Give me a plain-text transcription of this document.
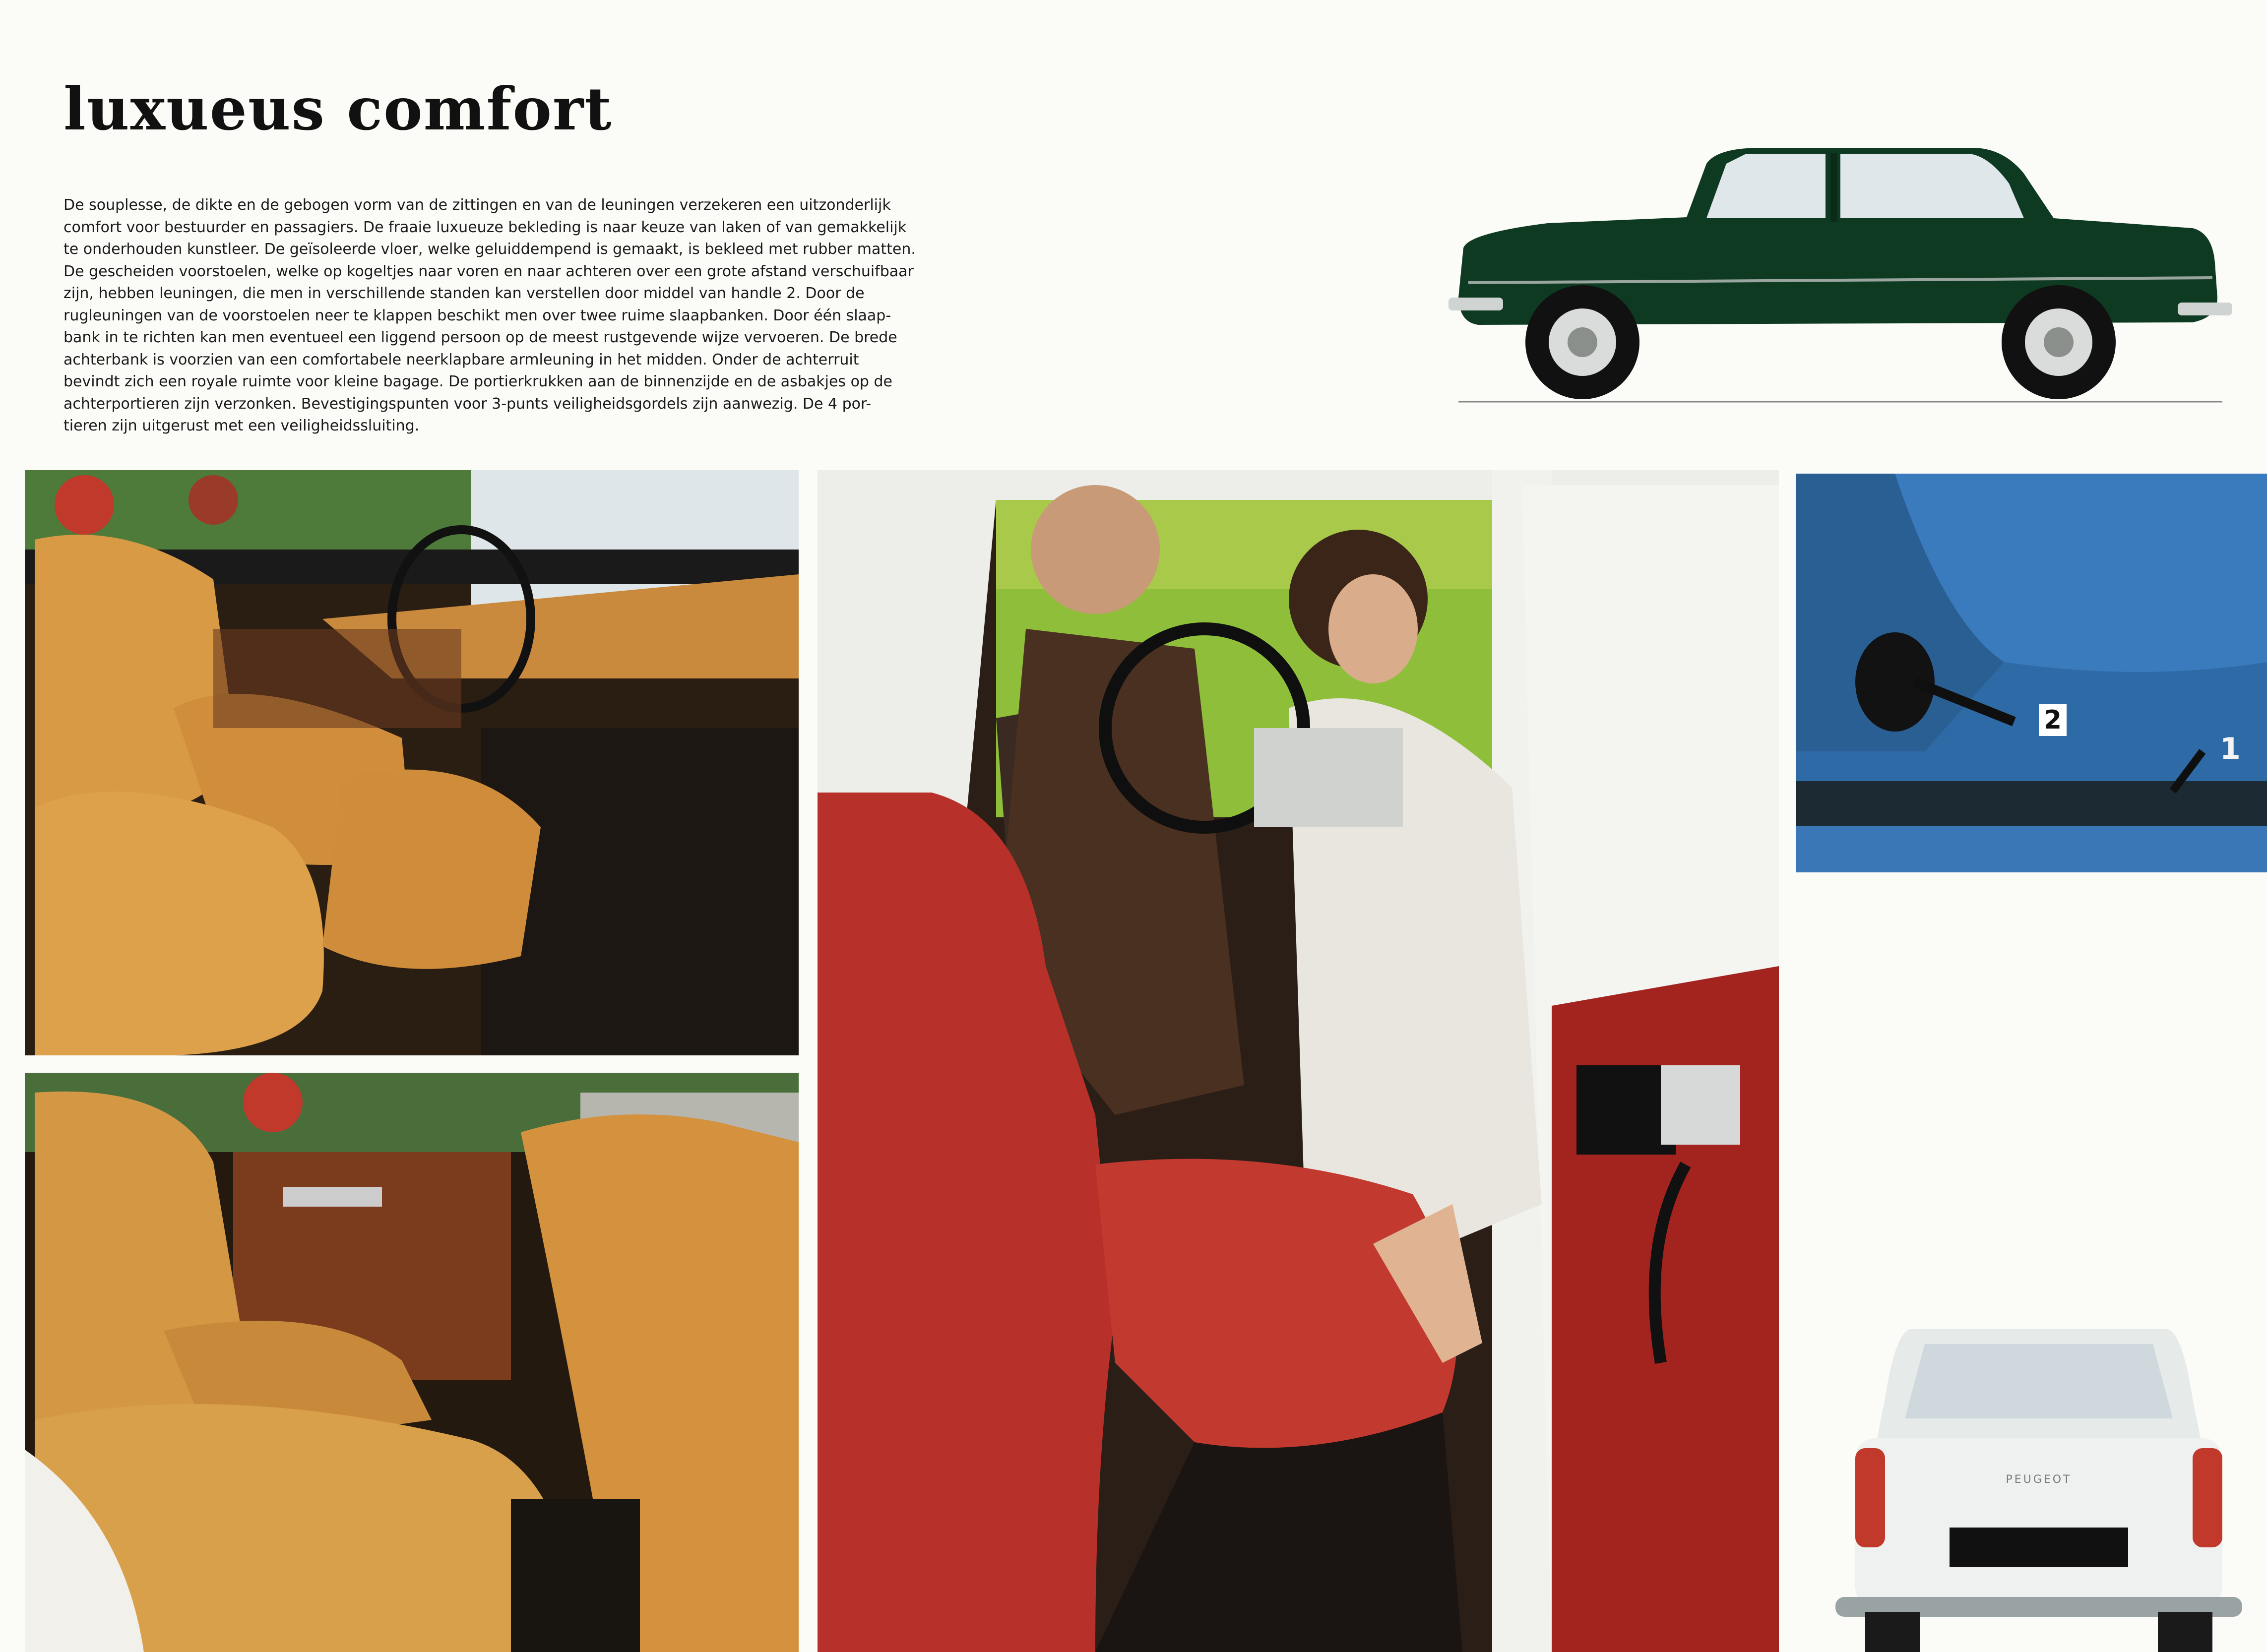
luxueus comfort
De souplesse, de dikte en de gebogen vorm van de zittingen en van de leuningen verzekeren een uitzonderlijk
comfort voor bestuurder en passagiers. De fraaie luxueuze bekleding is naar keuze van laken of van gemakkelijk
te onderhouden kunstleer. De geïsoleerde vloer, welke geluiddempend is gemaakt, is bekleed met rubber matten.
De gescheiden voorstoelen, welke op kogeltjes naar voren en naar achteren over een grote afstand verschuifbaar
zijn, hebben leuningen, die men in verschillende standen kan verstellen door middel van handle 2. Door de
rugleuningen van de voorstoelen neer te klappen beschikt men over twee ruime slaapbanken. Door één slaap-
bank in te richten kan men eventueel een liggend persoon op de meest rustgevende wijze vervoeren. De brede
achterbank is voorzien van een comfortabele neerklapbare armleuning in het midden. Onder de achterruit
bevindt zich een royale ruimte voor kleine bagage. De portierkrukken aan de binnenzijde en de asbakjes op de
achterportieren zijn verzonken. Bevestigingspunten voor 3-punts veiligheidsgordels zijn aanwezig. De 4 por-
tieren zijn uitgerust met een veiligheidssluiting.
2
1
PEUGEOT
